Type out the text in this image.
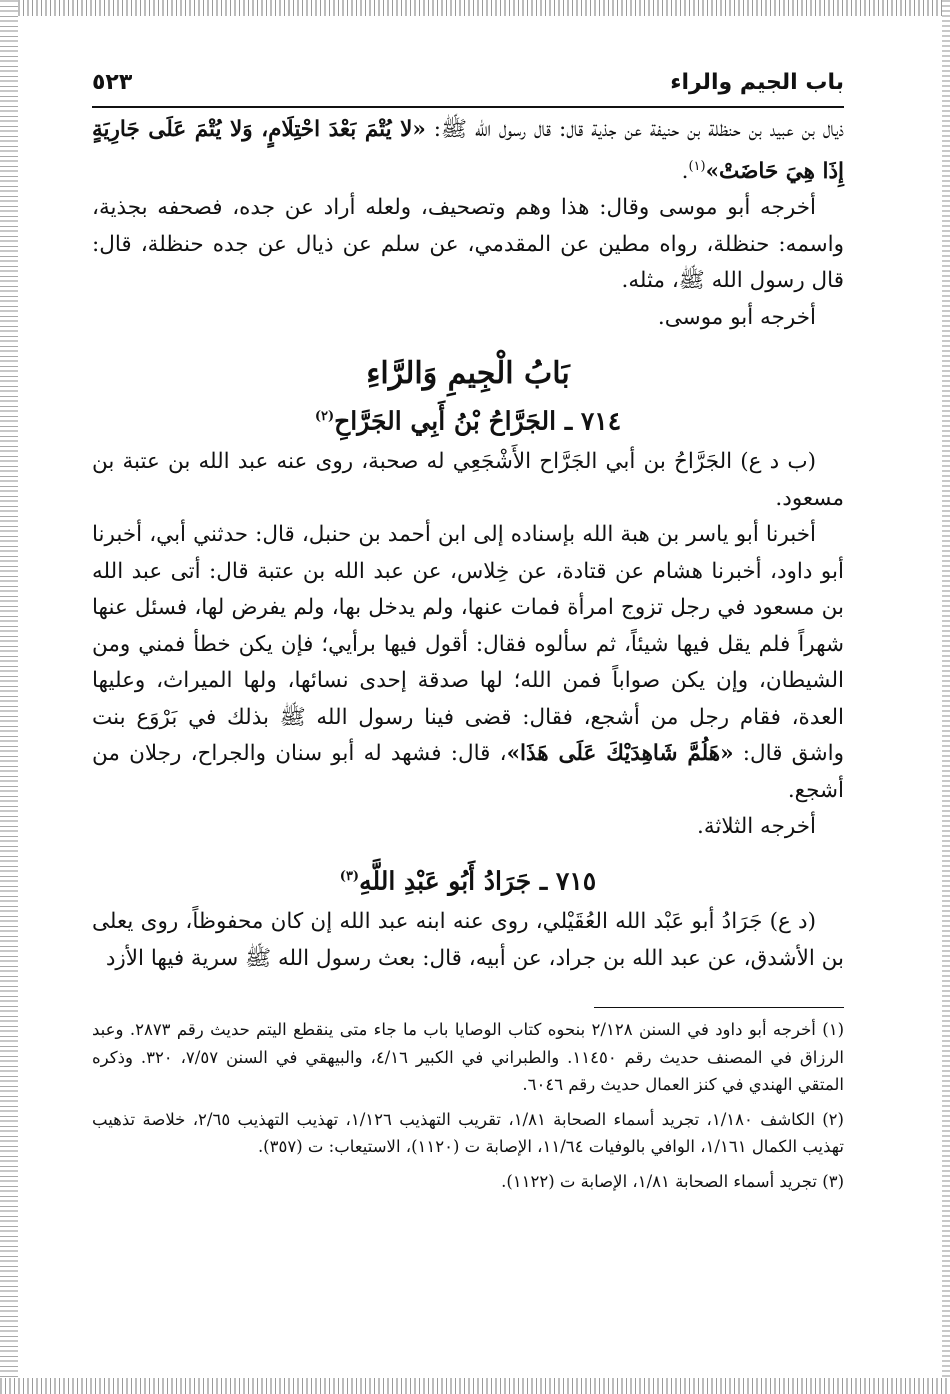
باب الجيم والراء
٥٢٣

ذيال بن عبيد بن حنظلة بن حنيفة عن جذية قال: قال رسول الله ﷺ: «لا يُتْمَ بَعْدَ احْتِلَامٍ، وَلا يُتْمَ عَلَى جَارِيَةٍ إِذَا هِيَ حَاضَتْ»$^{(١)}$.

أخرجه أبو موسى وقال: هذا وهم وتصحيف، ولعله أراد عن جده، فصحفه بجذية، واسمه: حنظلة، رواه مطين عن المقدمي، عن سلم عن ذيال عن جده حنظلة، قال: قال رسول الله ﷺ، مثله.

أخرجه أبو موسى.

بَابُ الْجِيمِ وَالرَّاءِ
٧١٤ ـ الجَرَّاحُ بْنُ أَبِي الجَرَّاحِ$^{(٢)}$

(ب د ع) الجَرَّاحُ بن أبي الجَرَّاح الأَشْجَعِي له صحبة، روى عنه عبد الله بن عتبة بن مسعود.

أخبرنا أبو ياسر بن هبة الله بإسناده إلى ابن أحمد بن حنبل، قال: حدثني أبي، أخبرنا أبو داود، أخبرنا هشام عن قتادة، عن خِلاس، عن عبد الله بن عتبة قال: أتى عبد الله بن مسعود في رجل تزوج امرأة فمات عنها، ولم يدخل بها، ولم يفرض لها، فسئل عنها شهراً فلم يقل فيها شيئاً، ثم سألوه فقال: أقول فيها برأيي؛ فإن يكن خطأ فمني ومن الشيطان، وإن يكن صواباً فمن الله؛ لها صدقة إحدى نسائها، ولها الميراث، وعليها العدة، فقام رجل من أشجع، فقال: قضى فينا رسول الله ﷺ بذلك في بَرْوَع بنت واشق قال: «هَلُمَّ شَاهِدَيْكَ عَلَى هَذَا»، قال: فشهد له أبو سنان والجراح، رجلان من أشجع.

أخرجه الثلاثة.

٧١٥ ـ جَرَادُ أَبُو عَبْدِ اللَّهِ$^{(٣)}$

(د ع) جَرَادُ أبو عَبْد الله العُقَيْلي، روى عنه ابنه عبد الله إن كان محفوظاً، روى يعلى بن الأشدق، عن عبد الله بن جراد، عن أبيه، قال: بعث رسول الله ﷺ سرية فيها الأزد

(١) أخرجه أبو داود في السنن ٢/١٢٨ بنحوه كتاب الوصايا باب ما جاء متى ينقطع اليتم حديث رقم ٢٨٧٣. وعبد الرزاق في المصنف حديث رقم ١١٤٥٠. والطبراني في الكبير ٤/١٦، والبيهقي في السنن ٧/٥٧، ٣٢٠. وذكره المتقي الهندي في كنز العمال حديث رقم ٦٠٤٦.

(٢) الكاشف ١/١٨٠، تجريد أسماء الصحابة ١/٨١، تقريب التهذيب ١/١٢٦، تهذيب التهذيب ٢/٦٥، خلاصة تذهيب تهذيب الكمال ١/١٦١، الوافي بالوفيات ١١/٦٤، الإصابة ت (١١٢٠)، الاستيعاب: ت (٣٥٧).

(٣) تجريد أسماء الصحابة ١/٨١، الإصابة ت (١١٢٢).
